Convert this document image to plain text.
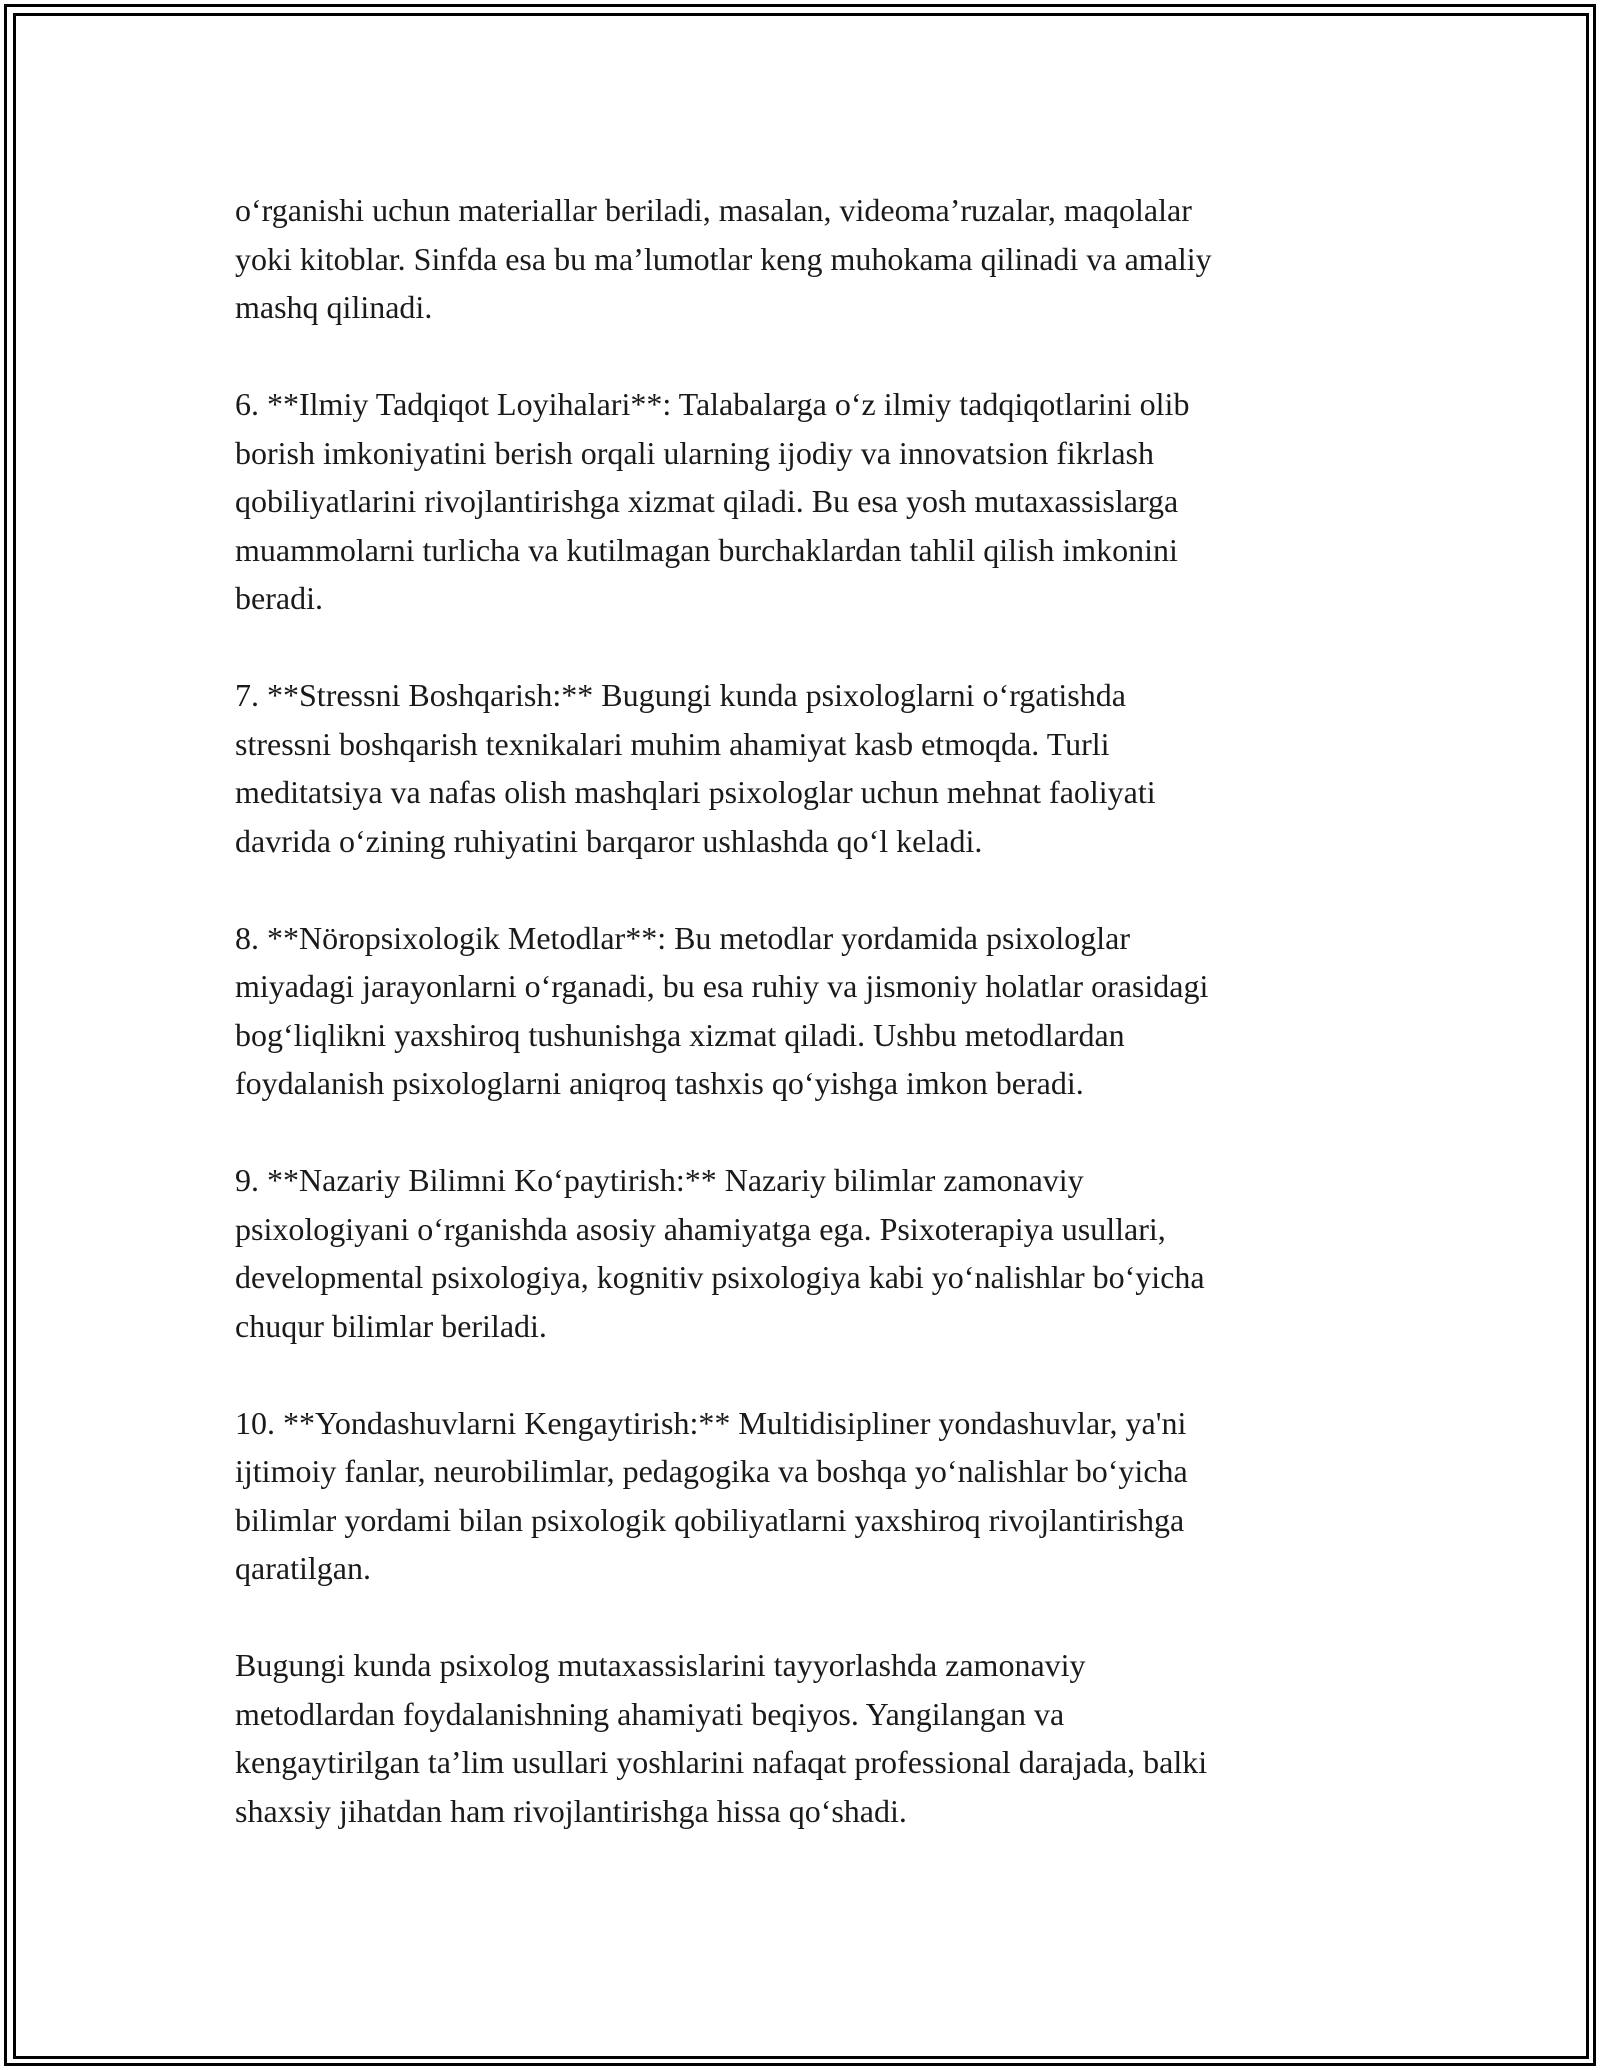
o‘rganishi uchun materiallar beriladi, masalan, videoma’ruzalar, maqolalar
yoki kitoblar. Sinfda esa bu ma’lumotlar keng muhokama qilinadi va amaliy
mashq qilinadi.

6. **Ilmiy Tadqiqot Loyihalari**: Talabalarga o‘z ilmiy tadqiqotlarini olib
borish imkoniyatini berish orqali ularning ijodiy va innovatsion fikrlash
qobiliyatlarini rivojlantirishga xizmat qiladi. Bu esa yosh mutaxassislarga
muammolarni turlicha va kutilmagan burchaklardan tahlil qilish imkonini
beradi.

7. **Stressni Boshqarish:** Bugungi kunda psixologlarni o‘rgatishda
stressni boshqarish texnikalari muhim ahamiyat kasb etmoqda. Turli
meditatsiya va nafas olish mashqlari psixologlar uchun mehnat faoliyati
davrida o‘zining ruhiyatini barqaror ushlashda qo‘l keladi.

8. **Nöropsixologik Metodlar**: Bu metodlar yordamida psixologlar
miyadagi jarayonlarni o‘rganadi, bu esa ruhiy va jismoniy holatlar orasidagi
bog‘liqlikni yaxshiroq tushunishga xizmat qiladi. Ushbu metodlardan
foydalanish psixologlarni aniqroq tashxis qo‘yishga imkon beradi.

9. **Nazariy Bilimni Ko‘paytirish:** Nazariy bilimlar zamonaviy
psixologiyani o‘rganishda asosiy ahamiyatga ega. Psixoterapiya usullari,
developmental psixologiya, kognitiv psixologiya kabi yo‘nalishlar bo‘yicha
chuqur bilimlar beriladi.

10. **Yondashuvlarni Kengaytirish:** Multidisipliner yondashuvlar, ya'ni
ijtimoiy fanlar, neurobilimlar, pedagogika va boshqa yo‘nalishlar bo‘yicha
bilimlar yordami bilan psixologik qobiliyatlarni yaxshiroq rivojlantirishga
qaratilgan.

Bugungi kunda psixolog mutaxassislarini tayyorlashda zamonaviy
metodlardan foydalanishning ahamiyati beqiyos. Yangilangan va
kengaytirilgan ta’lim usullari yoshlarini nafaqat professional darajada, balki
shaxsiy jihatdan ham rivojlantirishga hissa qo‘shadi.
